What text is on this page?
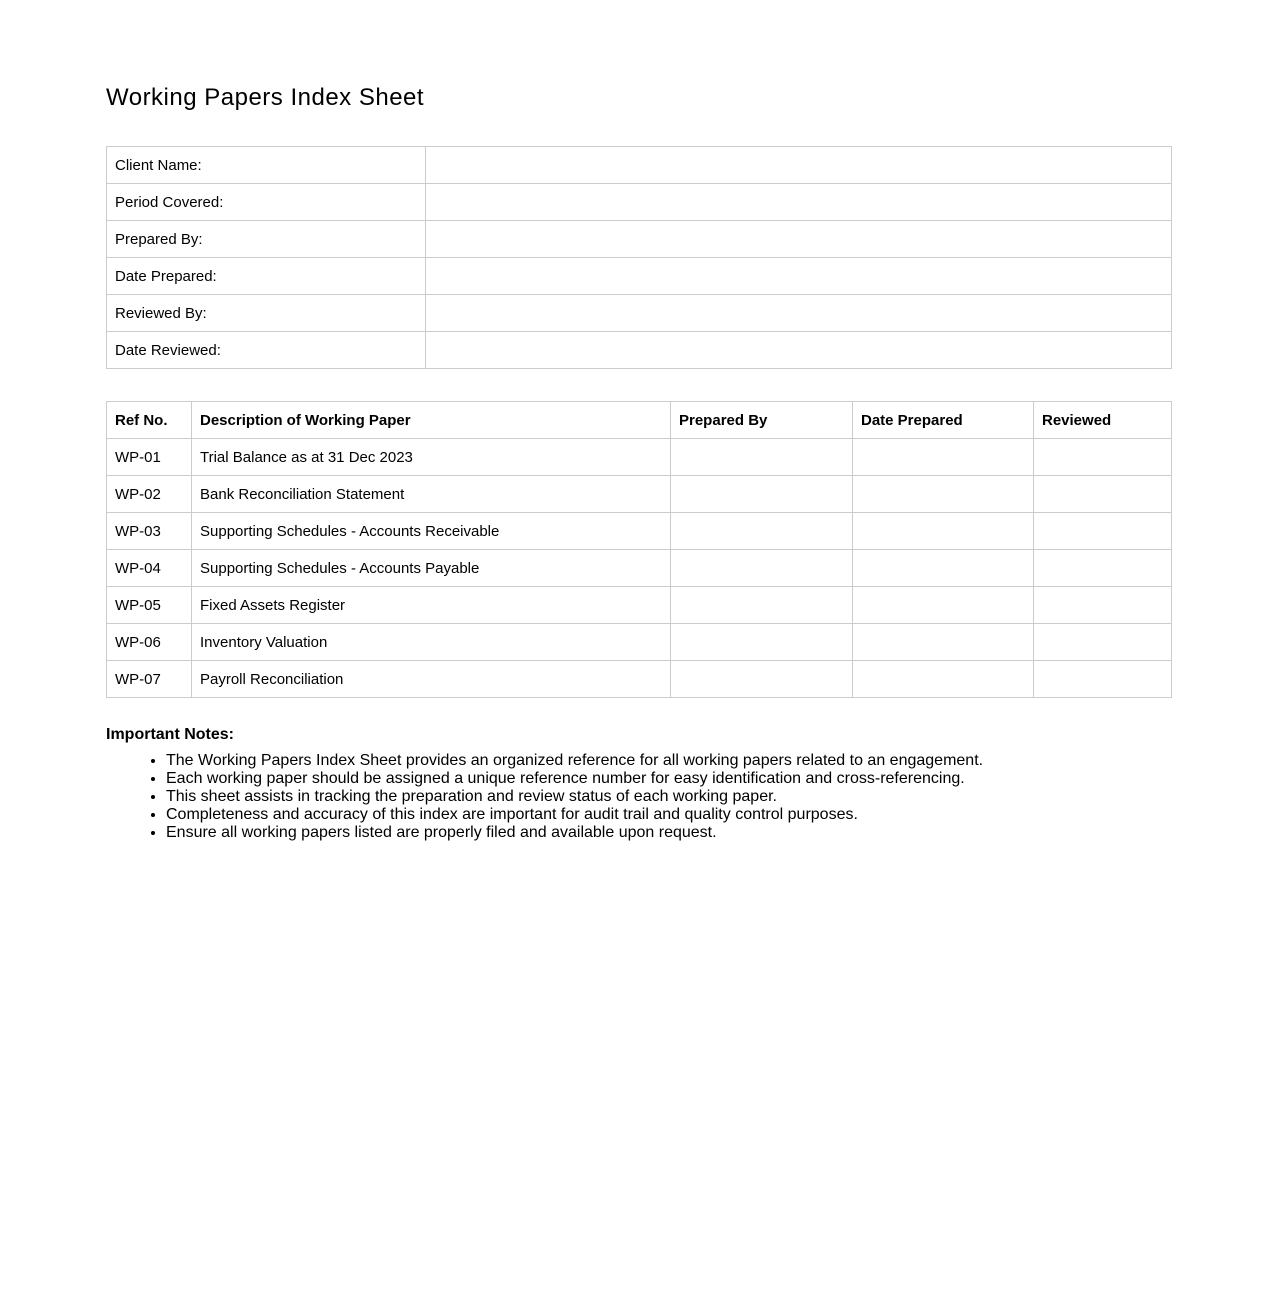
Working Papers Index Sheet
Client Name:	
Period Covered:	
Prepared By:	
Date Prepared:	
Reviewed By:	
Date Reviewed:	
Ref No.	Description of Working Paper	Prepared By	Date Prepared	Reviewed
WP-01	Trial Balance as at 31 Dec 2023			
WP-02	Bank Reconciliation Statement			
WP-03	Supporting Schedules - Accounts Receivable			
WP-04	Supporting Schedules - Accounts Payable			
WP-05	Fixed Assets Register			
WP-06	Inventory Valuation			
WP-07	Payroll Reconciliation			

Important Notes:

• The Working Papers Index Sheet provides an organized reference for all working papers related to an engagement.
• Each working paper should be assigned a unique reference number for easy identification and cross-referencing.
• This sheet assists in tracking the preparation and review status of each working paper.
• Completeness and accuracy of this index are important for audit trail and quality control purposes.
• Ensure all working papers listed are properly filed and available upon request.
